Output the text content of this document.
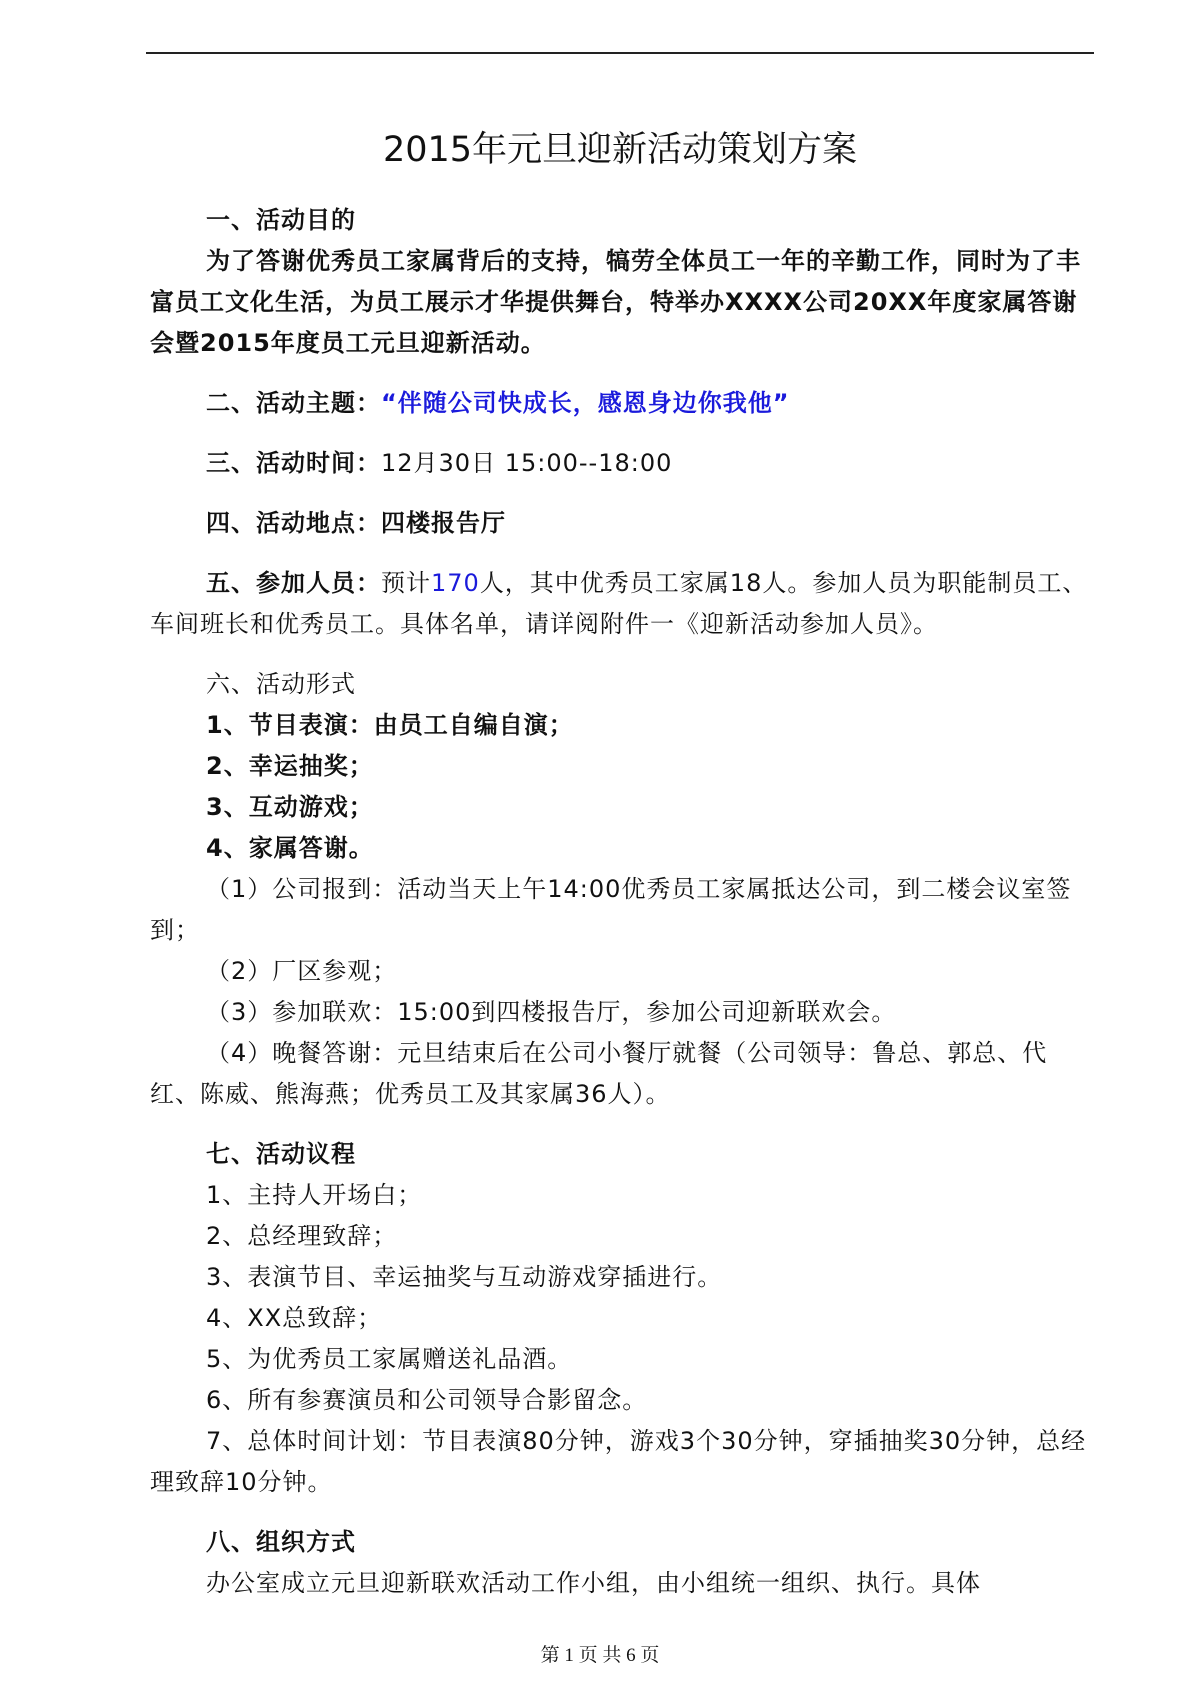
2015年元旦迎新活动策划方案

一、活动目的

为了答谢优秀员工家属背后的支持，犒劳全体员工一年的辛勤工作，同时为了丰富员工文化生活，为员工展示才华提供舞台，特举办XXXX公司20XX年度家属答谢会暨2015年度员工元旦迎新活动。

二、活动主题：“伴随公司快成长，感恩身边你我他”

三、活动时间：12月30日 15:00--18:00

四、活动地点：四楼报告厅

五、参加人员：预计170人，其中优秀员工家属18人。参加人员为职能制员工、车间班长和优秀员工。具体名单，请详阅附件一《迎新活动参加人员》。

六、活动形式

1、节目表演：由员工自编自演；

2、幸运抽奖；

3、互动游戏；

4、家属答谢。

（1）公司报到：活动当天上午14:00优秀员工家属抵达公司，到二楼会议室签到；

（2）厂区参观；

（3）参加联欢：15:00到四楼报告厅，参加公司迎新联欢会。

（4）晚餐答谢：元旦结束后在公司小餐厅就餐（公司领导：鲁总、郭总、代红、陈威、熊海燕；优秀员工及其家属36人）。

七、活动议程

1、主持人开场白；

2、总经理致辞；

3、表演节目、幸运抽奖与互动游戏穿插进行。

4、XX总致辞；

5、为优秀员工家属赠送礼品酒。

6、所有参赛演员和公司领导合影留念。

7、总体时间计划：节目表演80分钟，游戏3个30分钟，穿插抽奖30分钟，总经理致辞10分钟。

八、组织方式

办公室成立元旦迎新联欢活动工作小组，由小组统一组织、执行。具体

第 1 页 共 6 页
